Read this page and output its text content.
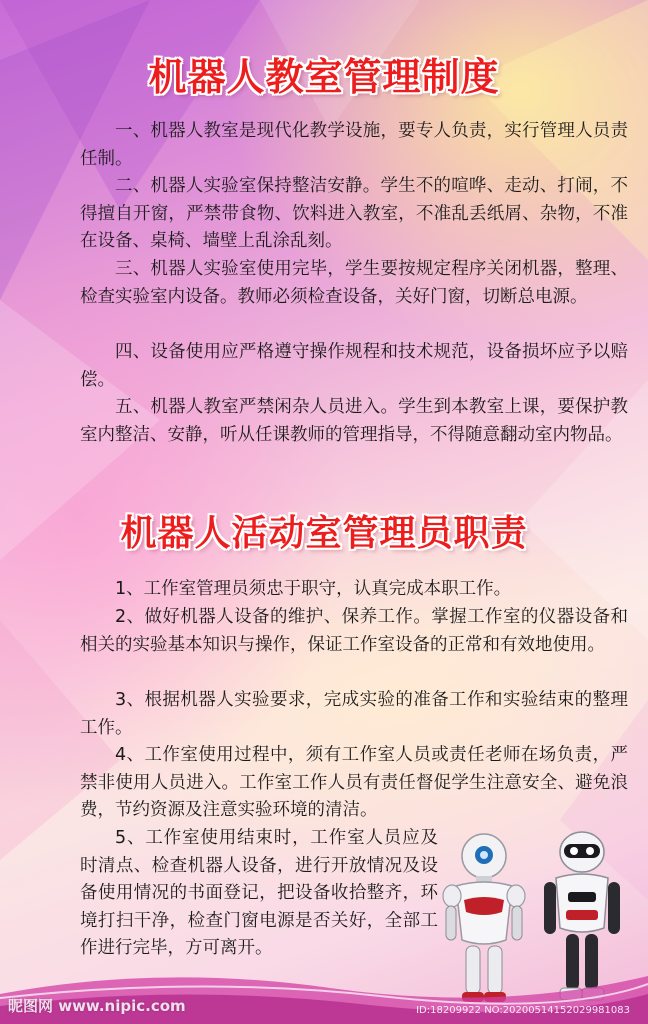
机器人教室管理制度

一、机器人教室是现代化教学设施，要专人负责，实行管理人员责任制。

二、机器人实验室保持整洁安静。学生不的喧哗、走动、打闹，不得擅自开窗，严禁带食物、饮料进入教室，不准乱丢纸屑、杂物，不准在设备、桌椅、墙壁上乱涂乱刻。

三、机器人实验室使用完毕，学生要按规定程序关闭机器，整理、检查实验室内设备。教师必须检查设备，关好门窗，切断总电源。

四、设备使用应严格遵守操作规程和技术规范，设备损坏应予以赔偿。

五、机器人教室严禁闲杂人员进入。学生到本教室上课，要保护教室内整洁、安静，听从任课教师的管理指导，不得随意翻动室内物品。

机器人活动室管理员职责

1、工作室管理员须忠于职守，认真完成本职工作。

2、做好机器人设备的维护、保养工作。掌握工作室的仪器设备和相关的实验基本知识与操作，保证工作室设备的正常和有效地使用。

3、根据机器人实验要求，完成实验的准备工作和实验结束的整理工作。

4、工作室使用过程中，须有工作室人员或责任老师在场负责，严禁非使用人员进入。工作室工作人员有责任督促学生注意安全、避免浪费，节约资源及注意实验环境的清洁。

5、工作室使用结束时，工作室人员应及时清点、检查机器人设备，进行开放情况及设备使用情况的书面登记，把设备收拾整齐，环境打扫干净，检查门窗电源是否关好，全部工作进行完毕，方可离开。

昵图网 www.nipic.com	ID:18209922 NO:20200514152029981083
